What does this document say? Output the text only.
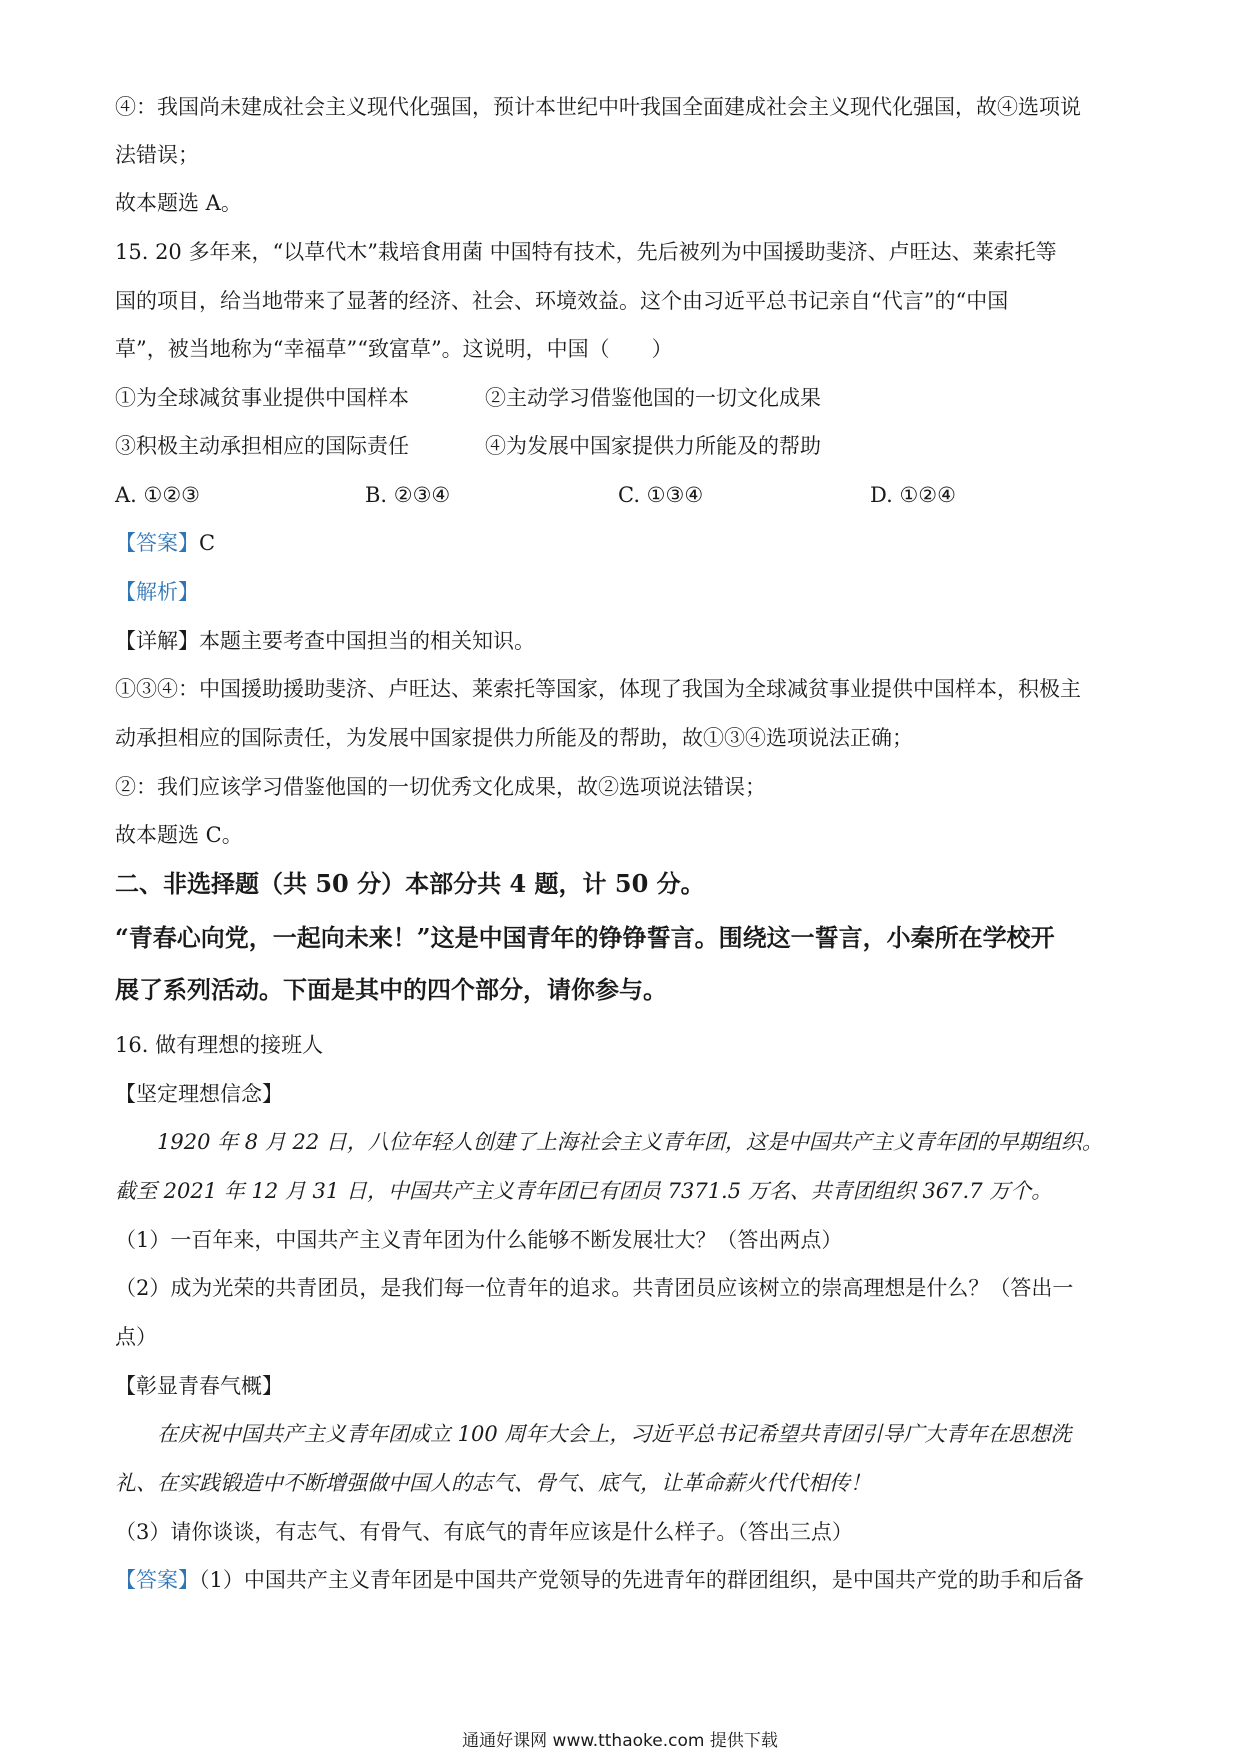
④：我国尚未建成社会主义现代化强国，预计本世纪中叶我国全面建成社会主义现代化强国，故④选项说
法错误；
故本题选 A。
15. 20 多年来，“以草代木”栽培食用菌 中国特有技术，先后被列为中国援助斐济、卢旺达、莱索托等
国的项目，给当地带来了显著的经济、社会、环境效益。这个由习近平总书记亲自“代言”的“中国
草”，被当地称为“幸福草”“致富草”。这说明，中国（　　）
①为全球减贫事业提供中国样本	②主动学习借鉴他国的一切文化成果
③积极主动承担相应的国际责任	④为发展中国家提供力所能及的帮助
A. ①②③	B. ②③④	C. ①③④	D. ①②④
【答案】C
【解析】
【详解】本题主要考查中国担当的相关知识。
①③④：中国援助援助斐济、卢旺达、莱索托等国家，体现了我国为全球减贫事业提供中国样本，积极主
动承担相应的国际责任，为发展中国家提供力所能及的帮助，故①③④选项说法正确；
②：我们应该学习借鉴他国的一切优秀文化成果，故②选项说法错误；
故本题选 C。
二、非选择题（共 50 分）本部分共 4 题，计 50 分。
“青春心向党，一起向未来！”这是中国青年的铮铮誓言。围绕这一誓言，小秦所在学校开
展了系列活动。下面是其中的四个部分，请你参与。
16. 做有理想的接班人
【坚定理想信念】
1920 年 8 月 22 日，八位年轻人创建了上海社会主义青年团，这是中国共产主义青年团的早期组织。
截至 2021 年 12 月 31 日，中国共产主义青年团已有团员 7371.5 万名、共青团组织 367.7 万个。
（1）一百年来，中国共产主义青年团为什么能够不断发展壮大？（答出两点）
（2）成为光荣的共青团员，是我们每一位青年的追求。共青团员应该树立的崇高理想是什么？（答出一
点）
【彰显青春气概】
在庆祝中国共产主义青年团成立 100 周年大会上，习近平总书记希望共青团引导广大青年在思想洗
礼、在实践锻造中不断增强做中国人的志气、骨气、底气，让革命薪火代代相传！
（3）请你谈谈，有志气、有骨气、有底气的青年应该是什么样子。（答出三点）
【答案】（1）中国共产主义青年团是中国共产党领导的先进青年的群团组织，是中国共产党的助手和后备
通通好课网 www.tthaoke.com 提供下载
